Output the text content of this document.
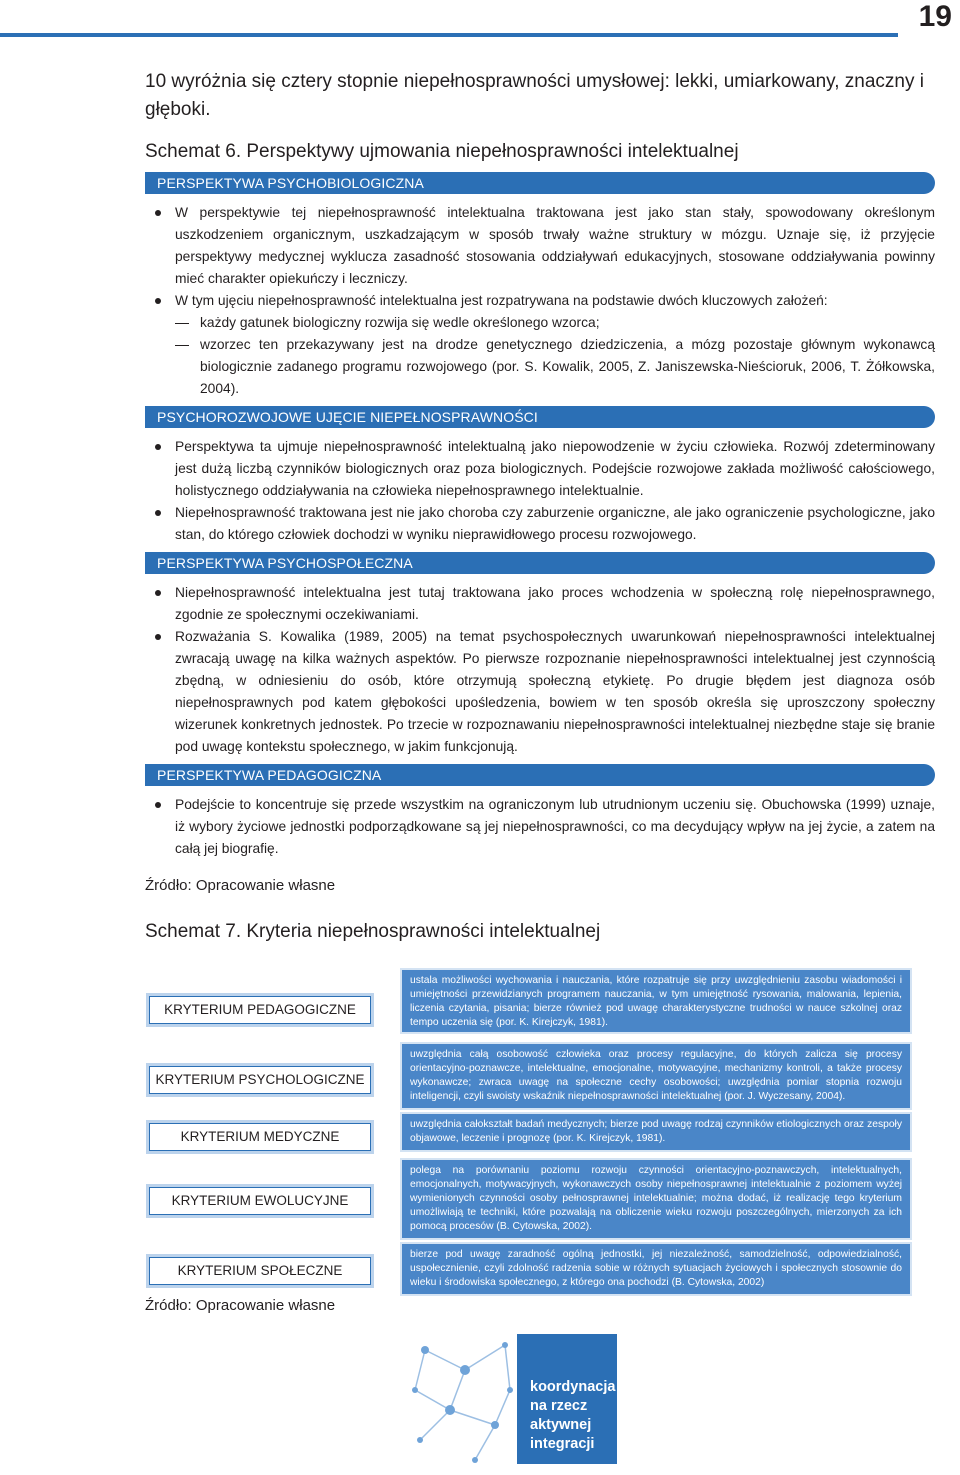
19

10 wyróżnia się cztery stopnie niepełnosprawności umysłowej: lekki, umiarkowany, znaczny i głęboki.

Schemat 6. Perspektywy ujmowania niepełnosprawności intelektualnej

PERSPEKTYWA PSYCHOBIOLOGICZNA
W perspektywie tej niepełnosprawność intelektualna traktowana jest jako stan stały, spowodowany określonym uszkodzeniem organicznym, uszkadzającym w sposób trwały ważne struktury w mózgu. Uznaje się, iż przyjęcie perspektywy medycznej wyklucza zasadność stosowania oddziaływań edukacyjnych, stosowane oddziaływania powinny mieć charakter opiekuńczy i leczniczy.
W tym ujęciu niepełnosprawność intelektualna jest rozpatrywana na podstawie dwóch kluczowych założeń:
każdy gatunek biologiczny rozwija się wedle określonego wzorca;
wzorzec ten przekazywany jest na drodze genetycznego dziedziczenia, a mózg pozostaje głównym wykonawcą biologicznie zadanego programu rozwojowego (por. S. Kowalik, 2005, Z. Janiszewska-Nieścioruk, 2006, T. Żółkowska, 2004).
PSYCHOROZWOJOWE UJĘCIE NIEPEŁNOSPRAWNOŚCI
Perspektywa ta ujmuje niepełnosprawność intelektualną jako niepowodzenie w życiu człowieka. Rozwój zdeterminowany jest dużą liczbą czynników biologicznych oraz poza biologicznych. Podejście rozwojowe zakłada możliwość całościowego, holistycznego oddziaływania na człowieka niepełnosprawnego intelektualnie.
Niepełnosprawność traktowana jest nie jako choroba czy zaburzenie organiczne, ale jako ograniczenie psychologiczne, jako stan, do którego człowiek dochodzi w wyniku nieprawidłowego procesu rozwojowego.
PERSPEKTYWA PSYCHOSPOŁECZNA
Niepełnosprawność intelektualna jest tutaj traktowana jako proces wchodzenia w społeczną rolę niepełnosprawnego, zgodnie ze społecznymi oczekiwaniami.
Rozważania S. Kowalika (1989, 2005) na temat psychospołecznych uwarunkowań niepełnosprawności intelektualnej zwracają uwagę na kilka ważnych aspektów. Po pierwsze rozpoznanie niepełnosprawności intelektualnej jest czynnością zbędną, w odniesieniu do osób, które otrzymują społeczną etykietę. Po drugie błędem jest diagnoza osób niepełnosprawnych pod katem głębokości upośledzenia, bowiem w ten sposób określa się uproszczony społeczny wizerunek konkretnych jednostek. Po trzecie w rozpoznawaniu niepełnosprawności intelektualnej niezbędne staje się branie pod uwagę kontekstu społecznego, w jakim funkcjonują.
PERSPEKTYWA PEDAGOGICZNA
Podejście to koncentruje się przede wszystkim na ograniczonym lub utrudnionym uczeniu się. Obuchowska (1999) uznaje, iż wybory życiowe jednostki podporządkowane są jej niepełnosprawności, co ma decydujący wpływ na jej życie, a zatem na całą jej biografię.

Źródło: Opracowanie własne

Schemat 7. Kryteria niepełnosprawności intelektualnej

KRYTERIUM PEDAGOGICZNE
ustala możliwości wychowania i nauczania, które rozpatruje się przy uwzględnieniu zasobu wiadomości i umiejętności przewidzianych programem nauczania, w tym umiejętność rysowania, malowania, lepienia, liczenia czytania, pisania; bierze również pod uwagę charakterystyczne trudności w nauce szkolnej oraz tempo uczenia się (por. K. Kirejczyk, 1981).
KRYTERIUM PSYCHOLOGICZNE
uwzględnia całą osobowość człowieka oraz procesy regulacyjne, do których zalicza się procesy orientacyjno-poznawcze, intelektualne, emocjonalne, motywacyjne, mechanizmy kontroli, a także procesy wykonawcze; zwraca uwagę na społeczne cechy osobowości; uwzględnia pomiar stopnia rozwoju inteligencji, czyli swoisty wskaźnik niepełnosprawności intelektualnej (por. J. Wyczesany, 2004).
KRYTERIUM MEDYCZNE
uwzględnia całokształt badań medycznych; bierze pod uwagę rodzaj czynników etiologicznych oraz zespoły objawowe, leczenie i prognozę (por. K. Kirejczyk, 1981).
KRYTERIUM EWOLUCYJNE
polega na porównaniu poziomu rozwoju czynności orientacyjno-poznawczych, intelektualnych, emocjonalnych, motywacyjnych, wykonawczych osoby niepełnosprawnej intelektualnie z poziomem wyżej wymienionych czynności osoby pełnosprawnej intelektualnie; można dodać, iż realizację tego kryterium umożliwiają te techniki, które pozwalają na obliczenie wieku rozwoju poszczególnych, mierzonych za ich pomocą procesów (B. Cytowska, 2002).
KRYTERIUM SPOŁECZNE
bierze pod uwagę zaradność ogólną jednostki, jej niezależność, samodzielność, odpowiedzialność, uspołecznienie, czyli zdolność radzenia sobie w różnych sytuacjach życiowych i społecznych stosownie do wieku i środowiska społecznego, z którego ona pochodzi (B. Cytowska, 2002)
Źródło: Opracowanie własne
koordynacja
na rzecz
aktywnej
integracji
